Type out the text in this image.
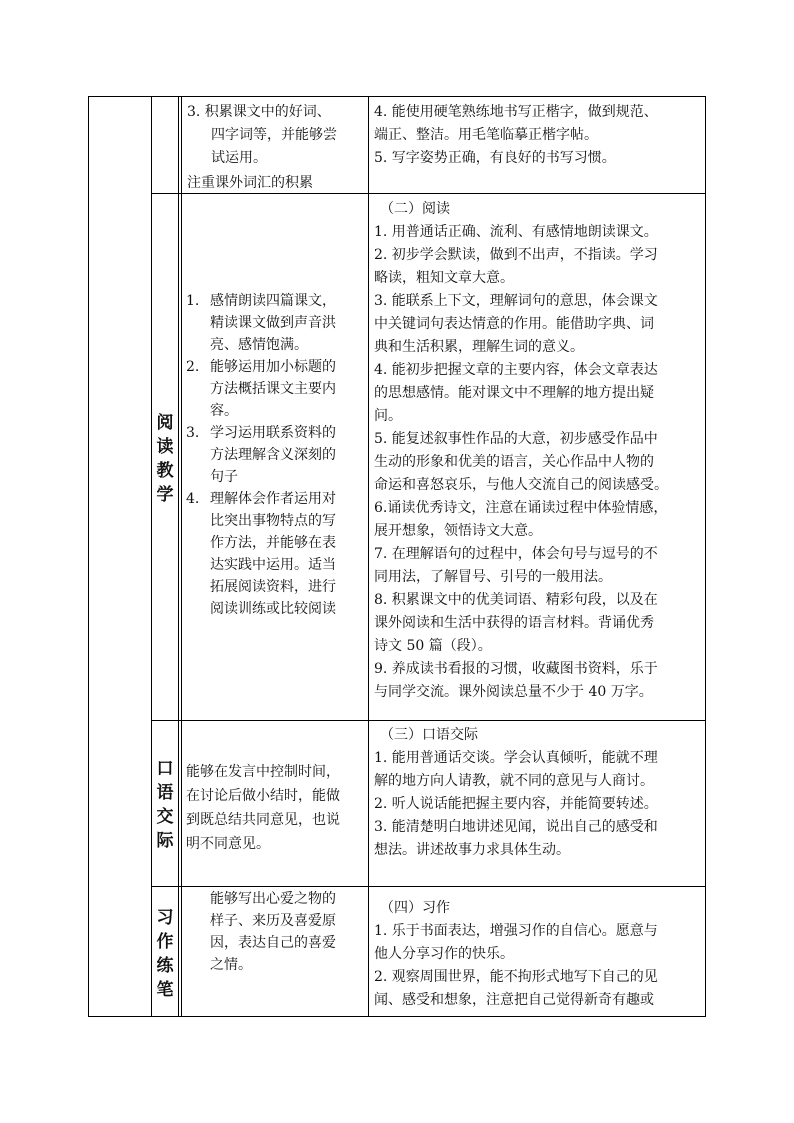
3. 积累课文中的好词、
四字词等，并能够尝
试运用。
注重课外词汇的积累
4. 能使用硬笔熟练地书写正楷字，做到规范、
端正、整洁。用毛笔临摹正楷字帖。
5. 写字姿势正确，有良好的书写习惯。
阅
读
教
学
1. 感情朗读四篇课文，
精读课文做到声音洪
亮、感情饱满。
2. 能够运用加小标题的
方法概括课文主要内
容。
3. 学习运用联系资料的
方法理解含义深刻的
句子
4. 理解体会作者运用对
比突出事物特点的写
作方法，并能够在表
达实践中运用。适当
拓展阅读资料，进行
阅读训练或比较阅读
（二）阅读
1. 用普通话正确、流利、有感情地朗读课文。
2. 初步学会默读，做到不出声，不指读。学习
略读，粗知文章大意。
3. 能联系上下文，理解词句的意思，体会课文
中关键词句表达情意的作用。能借助字典、词
典和生活积累，理解生词的意义。
4. 能初步把握文章的主要内容，体会文章表达
的思想感情。能对课文中不理解的地方提出疑
问。
5. 能复述叙事性作品的大意，初步感受作品中
生动的形象和优美的语言，关心作品中人物的
命运和喜怒哀乐，与他人交流自己的阅读感受。
6.诵读优秀诗文，注意在诵读过程中体验情感，
展开想象，领悟诗文大意。
7. 在理解语句的过程中，体会句号与逗号的不
同用法，了解冒号、引号的一般用法。
8. 积累课文中的优美词语、精彩句段，以及在
课外阅读和生活中获得的语言材料。背诵优秀
诗文 50 篇（段）。
9. 养成读书看报的习惯，收藏图书资料，乐于
与同学交流。课外阅读总量不少于 40 万字。
口
语
交
际
能够在发言中控制时间，
在讨论后做小结时，能做
到既总结共同意见，也说
明不同意见。
（三）口语交际
1. 能用普通话交谈。学会认真倾听，能就不理
解的地方向人请教，就不同的意见与人商讨。
2. 听人说话能把握主要内容，并能简要转述。
3. 能清楚明白地讲述见闻，说出自己的感受和
想法。讲述故事力求具体生动。
习
作
练
笔
能够写出心爱之物的
样子、来历及喜爱原
因，表达自己的喜爱
之情。
（四）习作
1. 乐于书面表达，增强习作的自信心。愿意与
他人分享习作的快乐。
2. 观察周围世界，能不拘形式地写下自己的见
闻、感受和想象，注意把自己觉得新奇有趣或
